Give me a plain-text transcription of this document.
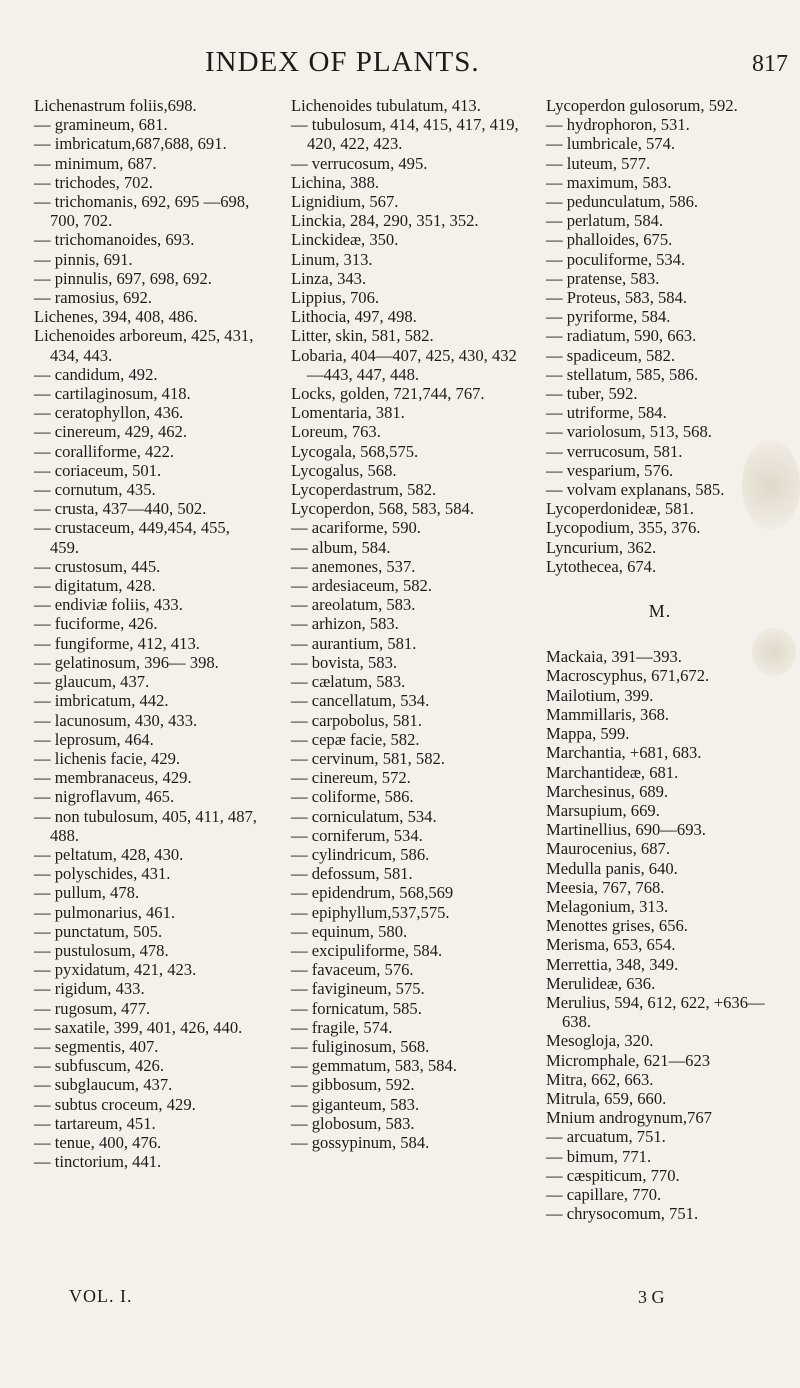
INDEX OF PLANTS.	817

Lichenastrum foliis,698.

— gramineum, 681.

— imbricatum,687,688, 691.

— minimum, 687.

— trichodes, 702.

— trichomanis, 692, 695 —698, 700, 702.

— trichomanoides, 693.

— pinnis, 691.

— pinnulis, 697, 698, 692.

— ramosius, 692.

Lichenes, 394, 408, 486.

Lichenoides arboreum, 425, 431, 434, 443.

— candidum, 492.

— cartilaginosum, 418.

— ceratophyllon, 436.

— cinereum, 429, 462.

— coralliforme, 422.

— coriaceum, 501.

— cornutum, 435.

— crusta, 437—440, 502.

— crustaceum, 449,454, 455, 459.

— crustosum, 445.

— digitatum, 428.

— endiviæ foliis, 433.

— fuciforme, 426.

— fungiforme, 412, 413.

— gelatinosum, 396— 398.

— glaucum, 437.

— imbricatum, 442.

— lacunosum, 430, 433.

— leprosum, 464.

— lichenis facie, 429.

— membranaceus, 429.

— nigroflavum, 465.

— non tubulosum, 405, 411, 487, 488.

— peltatum, 428, 430.

— polyschides, 431.

— pullum, 478.

— pulmonarius, 461.

— punctatum, 505.

— pustulosum, 478.

— pyxidatum, 421, 423.

— rigidum, 433.

— rugosum, 477.

— saxatile, 399, 401, 426, 440.

— segmentis, 407.

— subfuscum, 426.

— subglaucum, 437.

— subtus croceum, 429.

— tartareum, 451.

— tenue, 400, 476.

— tinctorium, 441.

Lichenoides tubulatum, 413.

— tubulosum, 414, 415, 417, 419, 420, 422, 423.

— verrucosum, 495.

Lichina, 388.

Lignidium, 567.

Linckia, 284, 290, 351, 352.

Linckideæ, 350.

Linum, 313.

Linza, 343.

Lippius, 706.

Lithocia, 497, 498.

Litter, skin, 581, 582.

Lobaria, 404—407, 425, 430, 432—443, 447, 448.

Locks, golden, 721,744, 767.

Lomentaria, 381.

Loreum, 763.

Lycogala, 568,575.

Lycogalus, 568.

Lycoperdastrum, 582.

Lycoperdon, 568, 583, 584.

— acariforme, 590.

— album, 584.

— anemones, 537.

— ardesiaceum, 582.

— areolatum, 583.

— arhizon, 583.

— aurantium, 581.

— bovista, 583.

— cælatum, 583.

— cancellatum, 534.

— carpobolus, 581.

— cepæ facie, 582.

— cervinum, 581, 582.

— cinereum, 572.

— coliforme, 586.

— corniculatum, 534.

— corniferum, 534.

— cylindricum, 586.

— defossum, 581.

— epidendrum, 568,569

— epiphyllum,537,575.

— equinum, 580.

— excipuliforme, 584.

— favaceum, 576.

— favigineum, 575.

— fornicatum, 585.

— fragile, 574.

— fuliginosum, 568.

— gemmatum, 583, 584.

— gibbosum, 592.

— giganteum, 583.

— globosum, 583.

— gossypinum, 584.

Lycoperdon gulosorum, 592.

— hydrophoron, 531.

— lumbricale, 574.

— luteum, 577.

— maximum, 583.

— pedunculatum, 586.

— perlatum, 584.

— phalloides, 675.

— poculiforme, 534.

— pratense, 583.

— Proteus, 583, 584.

— pyriforme, 584.

— radiatum, 590, 663.

— spadiceum, 582.

— stellatum, 585, 586.

— tuber, 592.

— utriforme, 584.

— variolosum, 513, 568.

— verrucosum, 581.

— vesparium, 576.

— volvam explanans, 585.

Lycoperdonideæ, 581.

Lycopodium, 355, 376.

Lyncurium, 362.

Lytothecea, 674.

M.

Mackaia, 391—393.

Macroscyphus, 671,672.

Mailotium, 399.

Mammillaris, 368.

Mappa, 599.

Marchantia, +681, 683.

Marchantideæ, 681.

Marchesinus, 689.

Marsupium, 669.

Martinellius, 690—693.

Maurocenius, 687.

Medulla panis, 640.

Meesia, 767, 768.

Melagonium, 313.

Menottes grises, 656.

Merisma, 653, 654.

Merrettia, 348, 349.

Merulideæ, 636.

Merulius, 594, 612, 622, +636—638.

Mesogloja, 320.

Micromphale, 621—623

Mitra, 662, 663.

Mitrula, 659, 660.

Mnium androgynum,767

— arcuatum, 751.

— bimum, 771.

— cæspiticum, 770.

— capillare, 770.

— chrysocomum, 751.

VOL. I.	3 G
